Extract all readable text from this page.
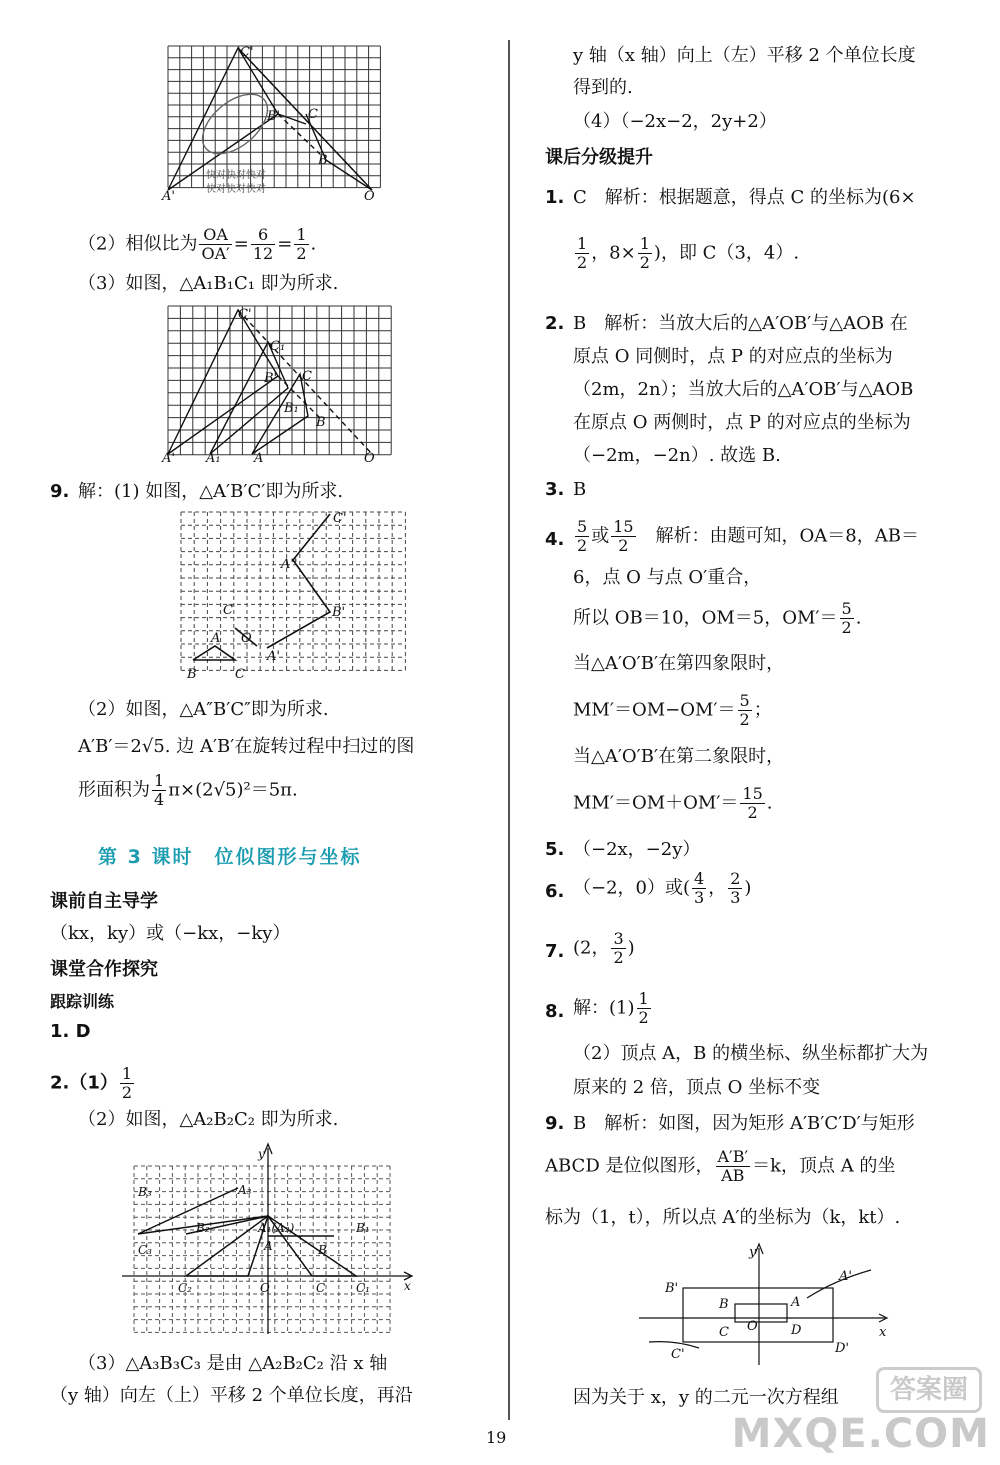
C'
B' C
B
A'	O
快对快对快对
快对快对快对
（2）相似比为 $\frac{OA}{OA'} = \frac{6}{12} = \frac{1}{2}$ .
（3）如图，△A₁B₁C₁ 即为所求.
C'
C₁
B' C
B₁
B
A' A₁	A	O
9. 解：(1) 如图，△A′B′C′即为所求.
C'
A''
B'
C
A O
A'
B	C
（2）如图，△A″B′C″即为所求.
A′B′＝2√5. 边 A′B′在旋转过程中扫过的图
形面积为 $\frac{1}{4} \pi\times(2√5)^2=5\pi$.
第 3 课时　位似图形与坐标
课前自主导学
（kx，ky）或（−kx，−ky）
课堂合作探究
跟踪训练
1. D
$2.(1) \frac{1}{2}$
（2）如图，△A₂B₂C₂ 即为所求.
y
x
B₃	A₃
B₂	A₁(A₂)	B₁
C₃	A	B
C₂	O	C	C₁
（3）△A₃B₃C₃ 是由 △A₂B₂C₂ 沿 x 轴
（y 轴）向左（上）平移 2 个单位长度，再沿
y 轴（x 轴）向上（左）平移 2 个单位长度
得到的.
（4）（−2x−2，2y+2）
课后分级提升
1. C　解析：根据题意，得点 C 的坐标为(6×
$\frac{1}{2}$ ，$8\times \frac{1}{2}$ )，即 C（3，4）.
2. B　解析：当放大后的△A′OB′与△AOB 在
原点 O 同侧时，点 P 的对应点的坐标为
（2m，2n）；当放大后的△A′OB′与△AOB
在原点 O 两侧时，点 P 的对应点的坐标为
（−2m，−2n）. 故选 B.
3. B
4. $\frac{5}{2}$ 或 $\frac{15}{2}$ 　解析：由题可知，OA＝8，AB＝
6，点 O 与点 O′重合，
所以 OB＝10，OM＝5，$OM'= \frac{5}{2}$ .
当△A′O′B′在第四象限时，
$MM'=OM-OM'= \frac{5}{2}$ ；
当△A′O′B′在第二象限时，
$MM'=OM+OM'= \frac{15}{2}$ .
5. （−2x，−2y）
6. （−2，0）或( $\frac{4}{3}$ ， $\frac{2}{3}$ )
7. (2， $\frac{3}{2}$ )
8. 解：$(1) \frac{1}{2}$
（2）顶点 A，B 的横坐标、纵坐标都扩大为
原来的 2 倍，顶点 O 坐标不变
9. B　解析：如图，因为矩形 A′B′C′D′与矩形
ABCD 是位似图形， $\frac{A'B'}{AB} =k$，顶点 A 的坐
标为（1，t），所以点 A′的坐标为（k，kt）.
y
x
A'
B'
B	A
C O	D
C'	D'
因为关于 x，y 的二元一次方程组
19
答案圈
MXQE.COM
